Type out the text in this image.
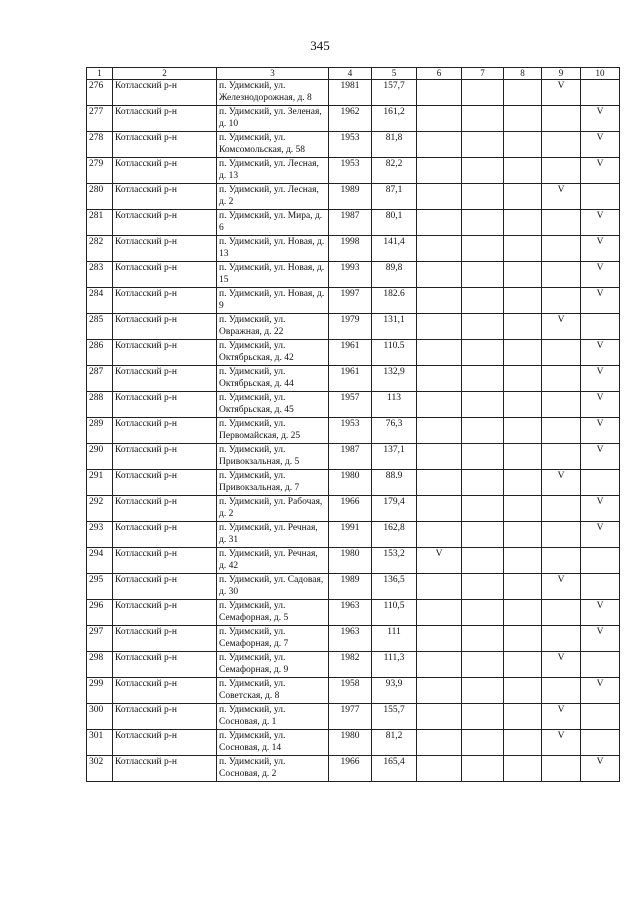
345
1	2	3	4	5	6	7	8	9	10
276	Котласский р-н	п. Удимский, ул. Железнодорожная, д. 8	1981	157,7				V	
277	Котласский р-н	п. Удимский, ул. Зеленая, д. 10	1962	161,2					V
278	Котласский р-н	п. Удимский, ул. Комсомольская, д. 58	1953	81,8					V
279	Котласский р-н	п. Удимский, ул. Лесная, д. 13	1953	82,2					V
280	Котласский р-н	п. Удимский, ул. Лесная, д. 2	1989	87,1				V	
281	Котласский р-н	п. Удимский, ул. Мира, д. 6	1987	80,1					V
282	Котласский р-н	п. Удимский, ул. Новая, д. 13	1998	141,4					V
283	Котласский р-н	п. Удимский, ул. Новая, д. 15	1993	89,8					V
284	Котласский р-н	п. Удимский, ул. Новая, д. 9	1997	182.6					V
285	Котласский р-н	п. Удимский, ул. Овражная, д. 22	1979	131,1				V	
286	Котласский р-н	п. Удимский, ул. Октябрьская, д. 42	1961	110.5					V
287	Котласский р-н	п. Удимский, ул. Октябрьская, д. 44	1961	132,9					V
288	Котласский р-н	п. Удимский, ул. Октябрьская, д. 45	1957	113					V
289	Котласский р-н	п. Удимский, ул. Первомайская, д. 25	1953	76,3					V
290	Котласский р-н	п. Удимский, ул. Привокзальная, д. 5	1987	137,1					V
291	Котласский р-н	п. Удимский, ул. Привокзальная, д. 7	1980	88.9				V	
292	Котласский р-н	п. Удимский, ул. Рабочая, д. 2	1966	179,4					V
293	Котласский р-н	п. Удимский, ул. Речная, д. 31	1991	162,8					V
294	Котласский р-н	п. Удимский, ул. Речная, д. 42	1980	153,2	V				
295	Котласский р-н	п. Удимский, ул. Садовая, д. 30	1989	136,5				V	
296	Котласский р-н	п. Удимский, ул. Семафорная, д. 5	1963	110,5					V
297	Котласский р-н	п. Удимский, ул. Семафорная, д. 7	1963	111					V
298	Котласский р-н	п. Удимский, ул. Семафорная, д. 9	1982	111,3				V	
299	Котласский р-н	п. Удимский, ул. Советская, д. 8	1958	93,9					V
300	Котласский р-н	п. Удимский, ул. Сосновая, д. 1	1977	155,7				V	
301	Котласский р-н	п. Удимский, ул. Сосновая, д. 14	1980	81,2				V	
302	Котласский р-н	п. Удимский, ул. Сосновая, д. 2	1966	165,4					V
